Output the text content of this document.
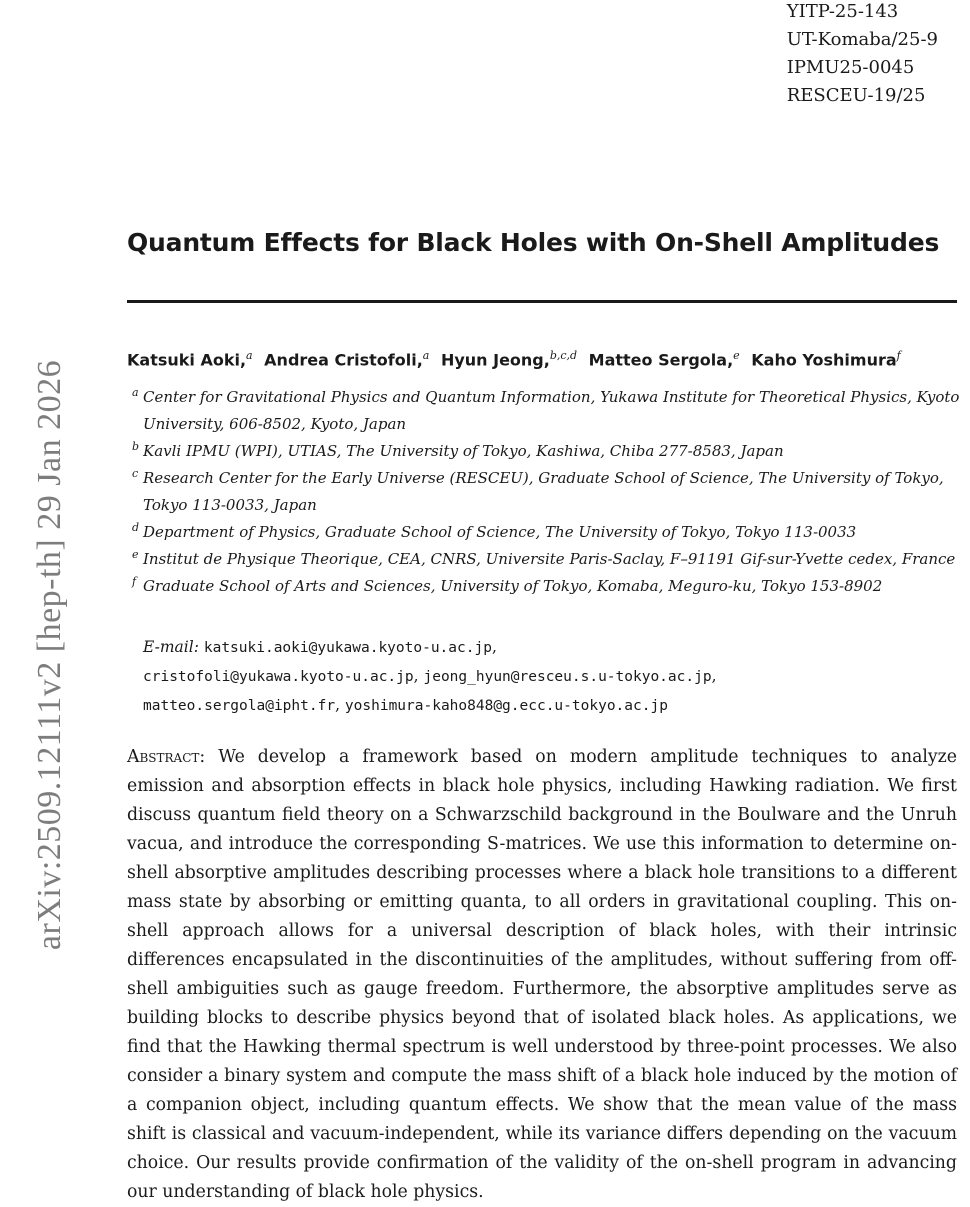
YITP-25-143
UT-Komaba/25-9
IPMU25-0045
RESCEU-19/25
arXiv:2509.12111v2 [hep-th] 29 Jan 2026
Quantum Effects for Black Holes with On-Shell Amplitudes
Katsuki Aoki,$^a$ Andrea Cristofoli,$^a$ Hyun Jeong,$^{b,c,d}$ Matteo Sergola,$^e$ Kaho Yoshimura$^f$
a Center for Gravitational Physics and Quantum Information, Yukawa Institute for Theoretical Physics, Kyoto University, 606-8502, Kyoto, Japan
b Kavli IPMU (WPI), UTIAS, The University of Tokyo, Kashiwa, Chiba 277-8583, Japan
c Research Center for the Early Universe (RESCEU), Graduate School of Science, The University of Tokyo, Tokyo 113-0033, Japan
d Department of Physics, Graduate School of Science, The University of Tokyo, Tokyo 113-0033
e Institut de Physique Theorique, CEA, CNRS, Universite Paris-Saclay, F–91191 Gif-sur-Yvette cedex, France
f Graduate School of Arts and Sciences, University of Tokyo, Komaba, Meguro-ku, Tokyo 153-8902
E-mail: katsuki.aoki@yukawa.kyoto-u.ac.jp,
cristofoli@yukawa.kyoto-u.ac.jp, jeong_hyun@resceu.s.u-tokyo.ac.jp,
matteo.sergola@ipht.fr, yoshimura-kaho848@g.ecc.u-tokyo.ac.jp
Abstract: We develop a framework based on modern amplitude techniques to analyze emission and absorption effects in black hole physics, including Hawking radiation. We first discuss quantum field theory on a Schwarzschild background in the Boulware and the Unruh vacua, and introduce the corresponding S-matrices. We use this information to determine on-shell absorptive amplitudes describing processes where a black hole transitions to a different mass state by absorbing or emitting quanta, to all orders in gravitational coupling. This on-shell approach allows for a universal description of black holes, with their intrinsic differences encapsulated in the discontinuities of the amplitudes, without suffering from off-shell ambiguities such as gauge freedom. Furthermore, the absorptive amplitudes serve as building blocks to describe physics beyond that of isolated black holes. As applications, we find that the Hawking thermal spectrum is well understood by three-point processes. We also consider a binary system and compute the mass shift of a black hole induced by the motion of a companion object, including quantum effects. We show that the mean value of the mass shift is classical and vacuum-independent, while its variance differs depending on the vacuum choice. Our results provide confirmation of the validity of the on-shell program in advancing our understanding of black hole physics.
